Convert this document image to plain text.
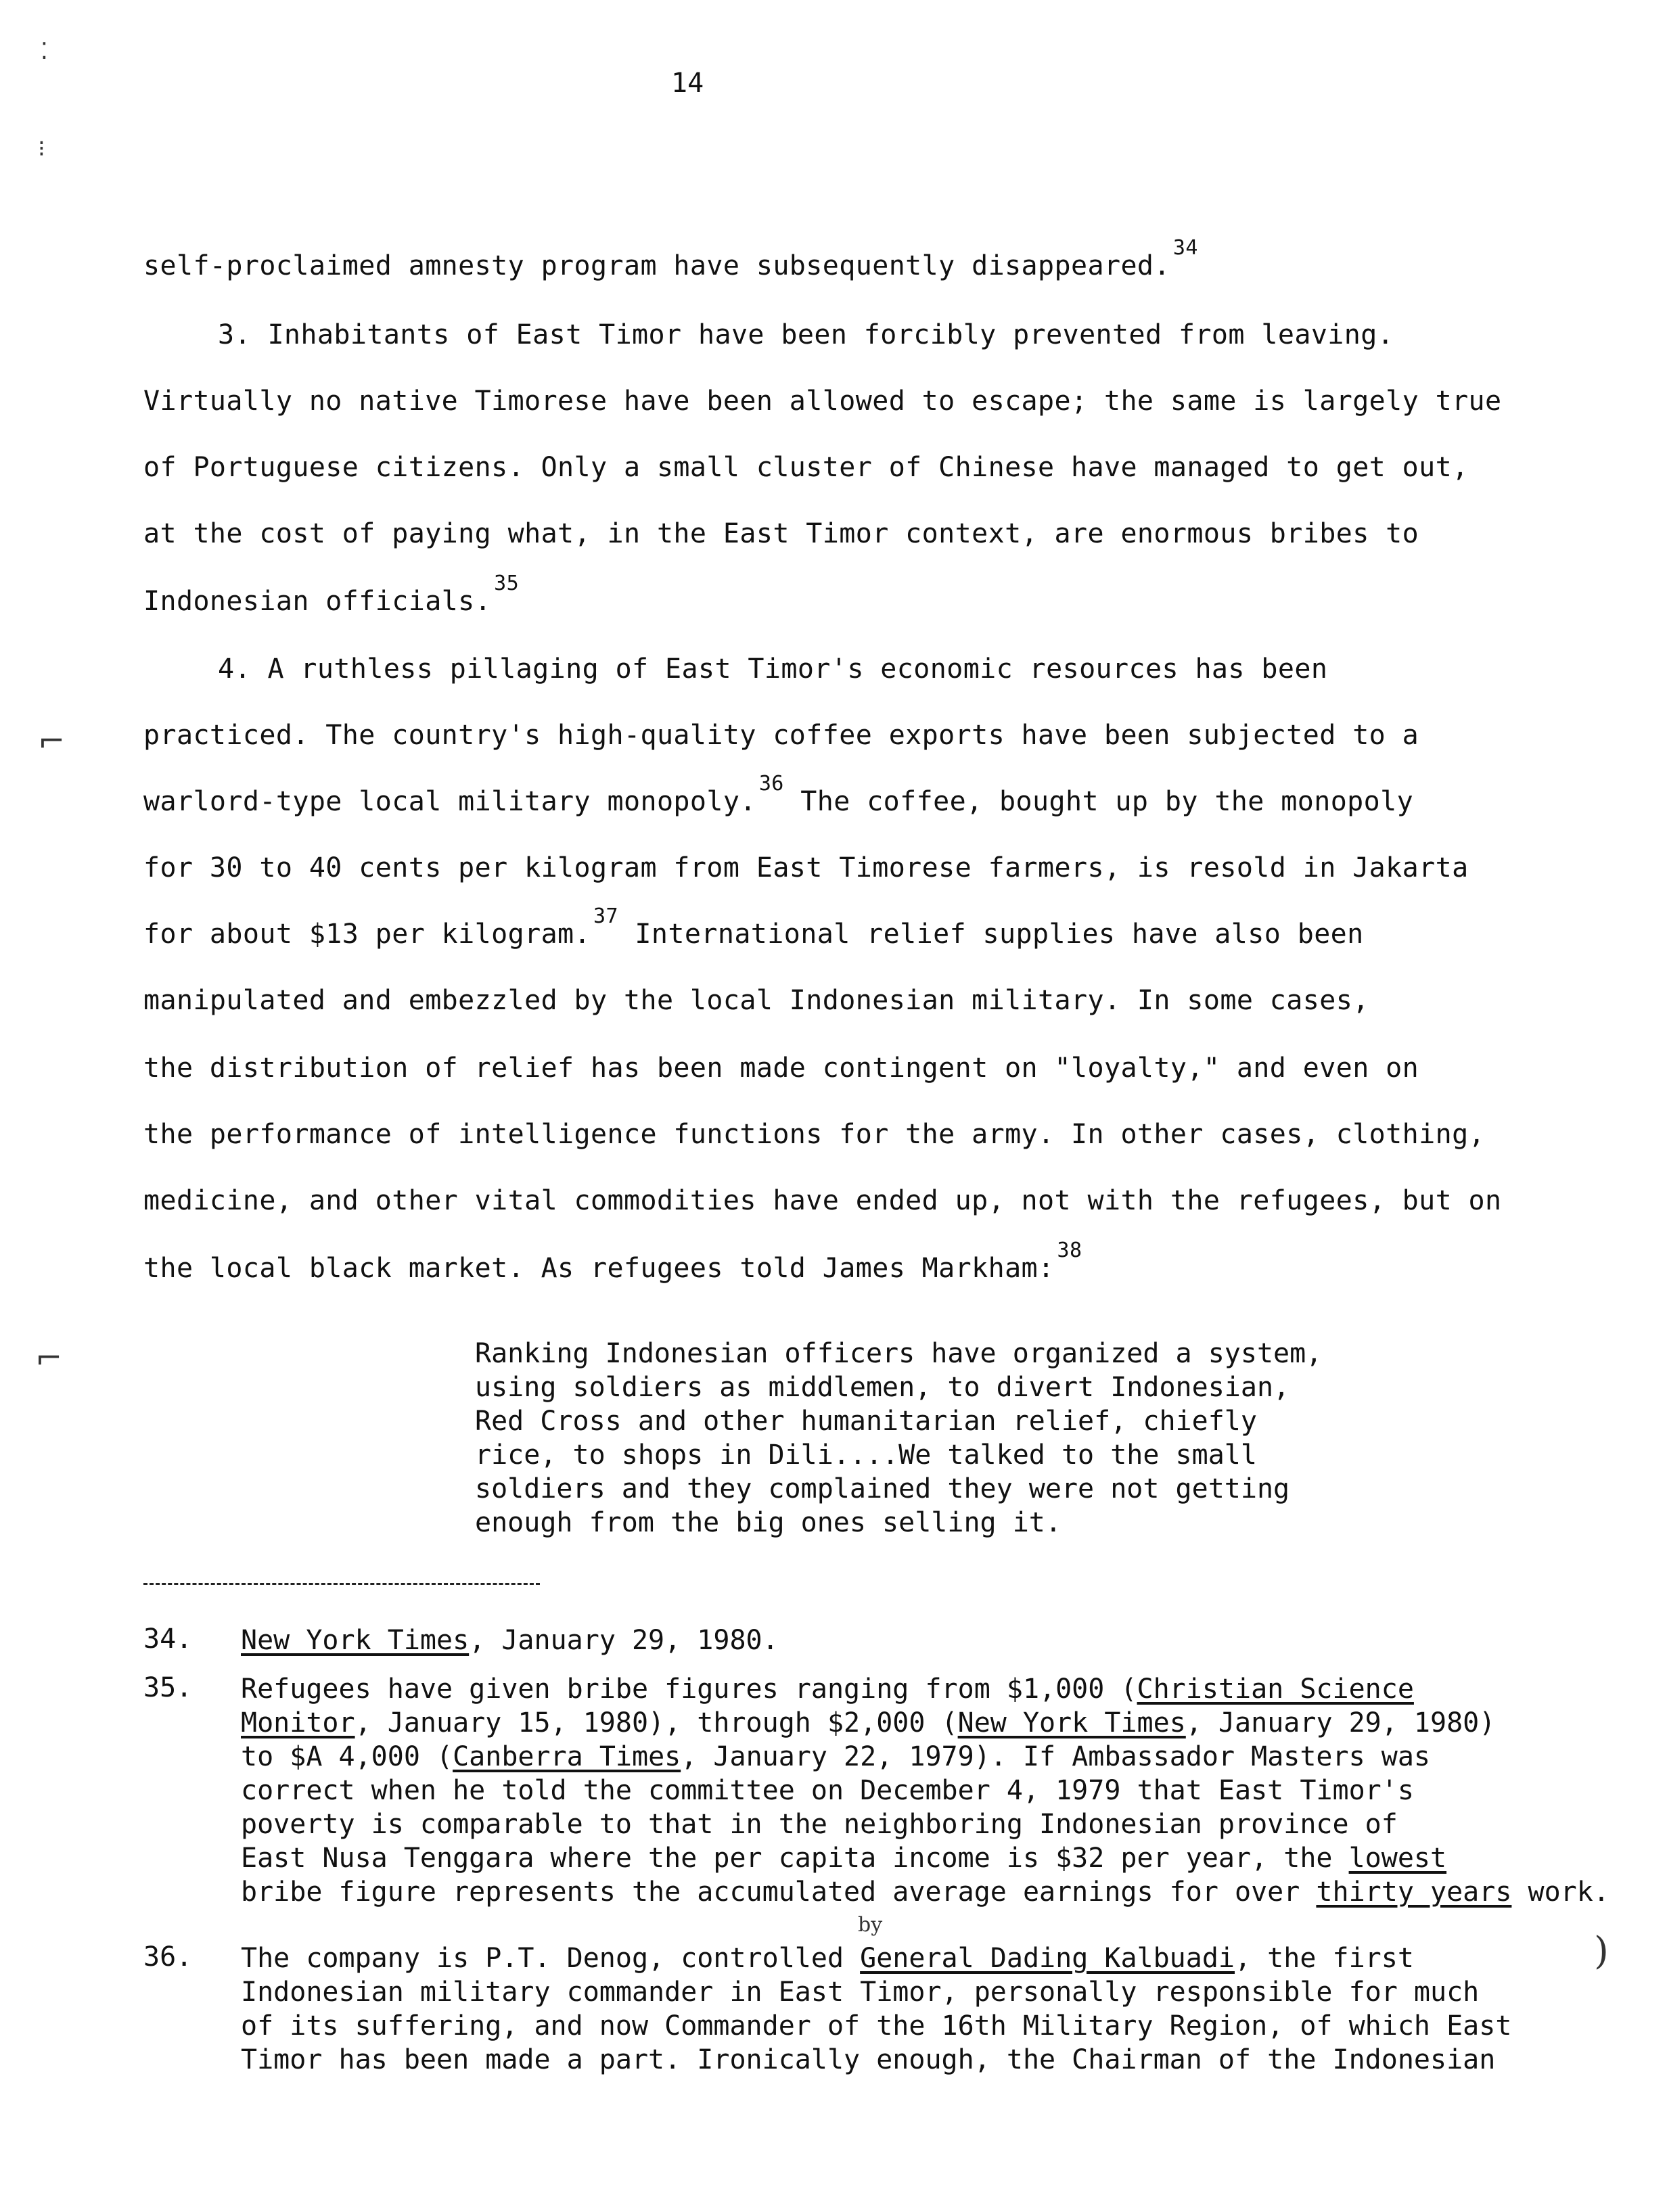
14
⁚
⁝
⌐
⌐
)
self-proclaimed amnesty program have subsequently disappeared.$^{34}$
3. Inhabitants of East Timor have been forcibly prevented from leaving.
Virtually no native Timorese have been allowed to escape; the same is largely true
of Portuguese citizens. Only a small cluster of Chinese have managed to get out,
at the cost of paying what, in the East Timor context, are enormous bribes to
Indonesian officials.$^{35}$
4. A ruthless pillaging of East Timor's economic resources has been
practiced. The country's high-quality coffee exports have been subjected to a
warlord-type local military monopoly.$^{36}$ The coffee, bought up by the monopoly
for 30 to 40 cents per kilogram from East Timorese farmers, is resold in Jakarta
for about $13 per kilogram.$^{37}$ International relief supplies have also been
manipulated and embezzled by the local Indonesian military. In some cases,
the distribution of relief has been made contingent on "loyalty," and even on
the performance of intelligence functions for the army. In other cases, clothing,
medicine, and other vital commodities have ended up, not with the refugees, but on
the local black market. As refugees told James Markham:$^{38}$
Ranking Indonesian officers have organized a system,
using soldiers as middlemen, to divert Indonesian,
Red Cross and other humanitarian relief, chiefly
rice, to shops in Dili....We talked to the small
soldiers and they complained they were not getting
enough from the big ones selling it.
34. New York Times, January 29, 1980.
35. Refugees have given bribe figures ranging from $1,000 (Christian Science
Monitor, January 15, 1980), through $2,000 (New York Times, January 29, 1980)
to $A 4,000 (Canberra Times, January 22, 1979). If Ambassador Masters was
correct when he told the committee on December 4, 1979 that East Timor's
poverty is comparable to that in the neighboring Indonesian province of
East Nusa Tenggara where the per capita income is $32 per year, the lowest
bribe figure represents the accumulated average earnings for over thirty years work.
by
36. The company is P.T. Denog, controlled General Dading Kalbuadi, the first
Indonesian military commander in East Timor, personally responsible for much
of its suffering, and now Commander of the 16th Military Region, of which East
Timor has been made a part. Ironically enough, the Chairman of the Indonesian
